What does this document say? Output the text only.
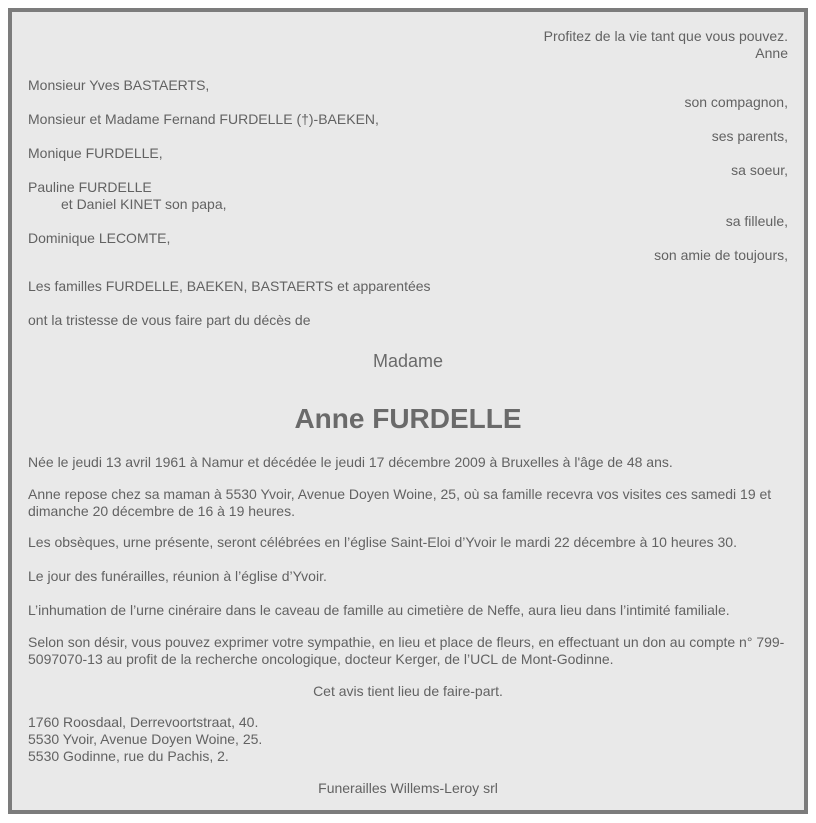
Profitez de la vie tant que vous pouvez.
Anne
Monsieur Yves BASTAERTS,
son compagnon,
Monsieur et Madame Fernand FURDELLE (†)-BAEKEN,
ses parents,
Monique FURDELLE,
sa soeur,
Pauline FURDELLE
et Daniel KINET son papa,
sa filleule,
Dominique LECOMTE,
son amie de toujours,
Les familles FURDELLE, BAEKEN, BASTAERTS et apparentées
ont la tristesse de vous faire part du décès de
Madame
Anne FURDELLE
Née le jeudi 13 avril 1961 à Namur et décédée le jeudi 17 décembre 2009 à Bruxelles à l'âge de 48 ans.
Anne repose chez sa maman à 5530 Yvoir, Avenue Doyen Woine, 25, où sa famille recevra vos visites ces samedi 19 et dimanche 20 décembre de 16 à 19 heures.
Les obsèques, urne présente, seront célébrées en l’église Saint-Eloi d’Yvoir le mardi 22 décembre à 10 heures 30.
Le jour des funérailles, réunion à l’église d’Yvoir.
L’inhumation de l’urne cinéraire dans le caveau de famille au cimetière de Neffe, aura lieu dans l’intimité familiale.
Selon son désir, vous pouvez exprimer votre sympathie, en lieu et place de fleurs, en effectuant un don au compte n° 799-5097070-13 au profit de la recherche oncologique, docteur Kerger, de l’UCL de Mont-Godinne.
Cet avis tient lieu de faire-part.
1760 Roosdaal, Derrevoortstraat, 40.
5530 Yvoir, Avenue Doyen Woine, 25.
5530 Godinne, rue du Pachis, 2.
Funerailles Willems-Leroy srl
